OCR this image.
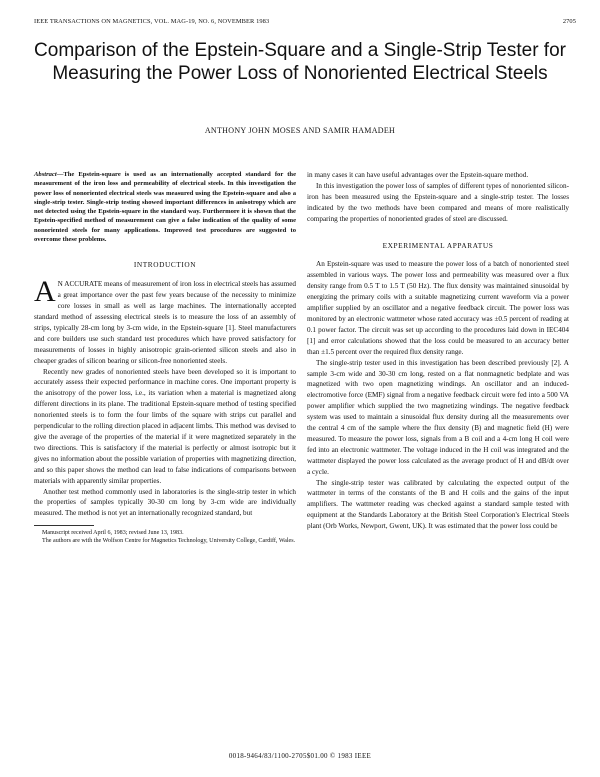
IEEE TRANSACTIONS ON MAGNETICS, VOL. MAG-19, NO. 6, NOVEMBER 1983	2705
Comparison of the Epstein-Square and a Single-Strip Tester for Measuring the Power Loss of Nonoriented Electrical Steels
ANTHONY JOHN MOSES AND SAMIR HAMADEH

Abstract—The Epstein-square is used as an internationally accepted standard for the measurement of the iron loss and permeability of electrical steels. In this investigation the power loss of nonoriented electrical steels was measured using the Epstein-square and also a single-strip tester. Single-strip testing showed important differences in anisotropy which are not detected using the Epstein-square in the standard way. Furthermore it is shown that the Epstein-specified method of measurement can give a false indication of the quality of some nonoriented steels for many applications. Improved test procedures are suggested to overcome these problems.

INTRODUCTION

A N ACCURATE means of measurement of iron loss in electrical steels has assumed a great importance over the past few years because of the necessity to minimize core losses in small as well as large machines. The internationally accepted standard method of assessing electrical steels is to measure the loss of an assembly of strips, typically 28-cm long by 3-cm wide, in the Epstein-square [1]. Steel manufacturers and core builders use such standard test procedures which have proved satisfactory for measurements of losses in highly anisotropic grain-oriented silicon steels and also in cheaper grades of silicon bearing or silicon-free nonoriented steels.

Recently new grades of nonoriented steels have been developed so it is important to accurately assess their expected performance in machine cores. One important property is the anisotropy of the power loss, i.e., its variation when a material is magnetized along different directions in its plane. The traditional Epstein-square method of testing specified nonoriented steels is to form the four limbs of the square with strips cut parallel and perpendicular to the rolling direction placed in adjacent limbs. This method was devised to give the average of the properties of the material if it were magnetized separately in the two directions. This is satisfactory if the material is perfectly or almost isotropic but it gives no information about the possible variation of properties with magnetizing direction, and so this paper shows the method can lead to false indications of comparisons between materials with apparently similar properties.

Another test method commonly used in laboratories is the single-strip tester in which the properties of samples typically 30-30 cm long by 3-cm wide are individually measured. The method is not yet an internationally recognized standard, but

Manuscript received April 6, 1983; revised June 13, 1983.
The authors are with the Wolfson Centre for Magnetics Technology, University College, Cardiff, Wales.

in many cases it can have useful advantages over the Epstein-square method.

In this investigation the power loss of samples of different types of nonoriented silicon-iron has been measured using the Epstein-square and a single-strip tester. The losses indicated by the two methods have been compared and means of more realistically comparing the properties of nonoriented grades of steel are discussed.

EXPERIMENTAL APPARATUS

An Epstein-square was used to measure the power loss of a batch of nonoriented steel assembled in various ways. The power loss and permeability was measured over a flux density range from 0.5 T to 1.5 T (50 Hz). The flux density was maintained sinusoidal by energizing the primary coils with a suitable magnetizing current waveform via a power amplifier supplied by an oscillator and a negative feedback circuit. The power loss was monitored by an electronic wattmeter whose rated accuracy was ±0.5 percent of reading at 0.1 power factor. The circuit was set up according to the procedures laid down in IEC404 [1] and error calculations showed that the loss could be measured to an accuracy better than ±1.5 percent over the required flux density range.

The single-strip tester used in this investigation has been described previously [2]. A sample 3-cm wide and 30-30 cm long, rested on a flat nonmagnetic bedplate and was magnetized with two open magnetizing windings. An oscillator and an induced-electromotive force (EMF) signal from a negative feedback circuit were fed into a 500 VA power amplifier which supplied the two magnetizing windings. The negative feedback system was used to maintain a sinusoidal flux density during all the measurements over the central 4 cm of the sample where the flux density (B) and magnetic field (H) were measured. To measure the power loss, signals from a B coil and a 4-cm long H coil were fed into an electronic wattmeter. The voltage induced in the H coil was integrated and the wattmeter displayed the power loss calculated as the average product of H and dB/dt over a cycle.

The single-strip tester was calibrated by calculating the expected output of the wattmeter in terms of the constants of the B and H coils and the gains of the input amplifiers. The wattmeter reading was checked against a standard sample tested with equipment at the Standards Laboratory at the British Steel Corporation's Electrical Steels plant (Orb Works, Newport, Gwent, UK). It was estimated that the power loss could be

0018-9464/83/1100-2705$01.00 © 1983 IEEE
